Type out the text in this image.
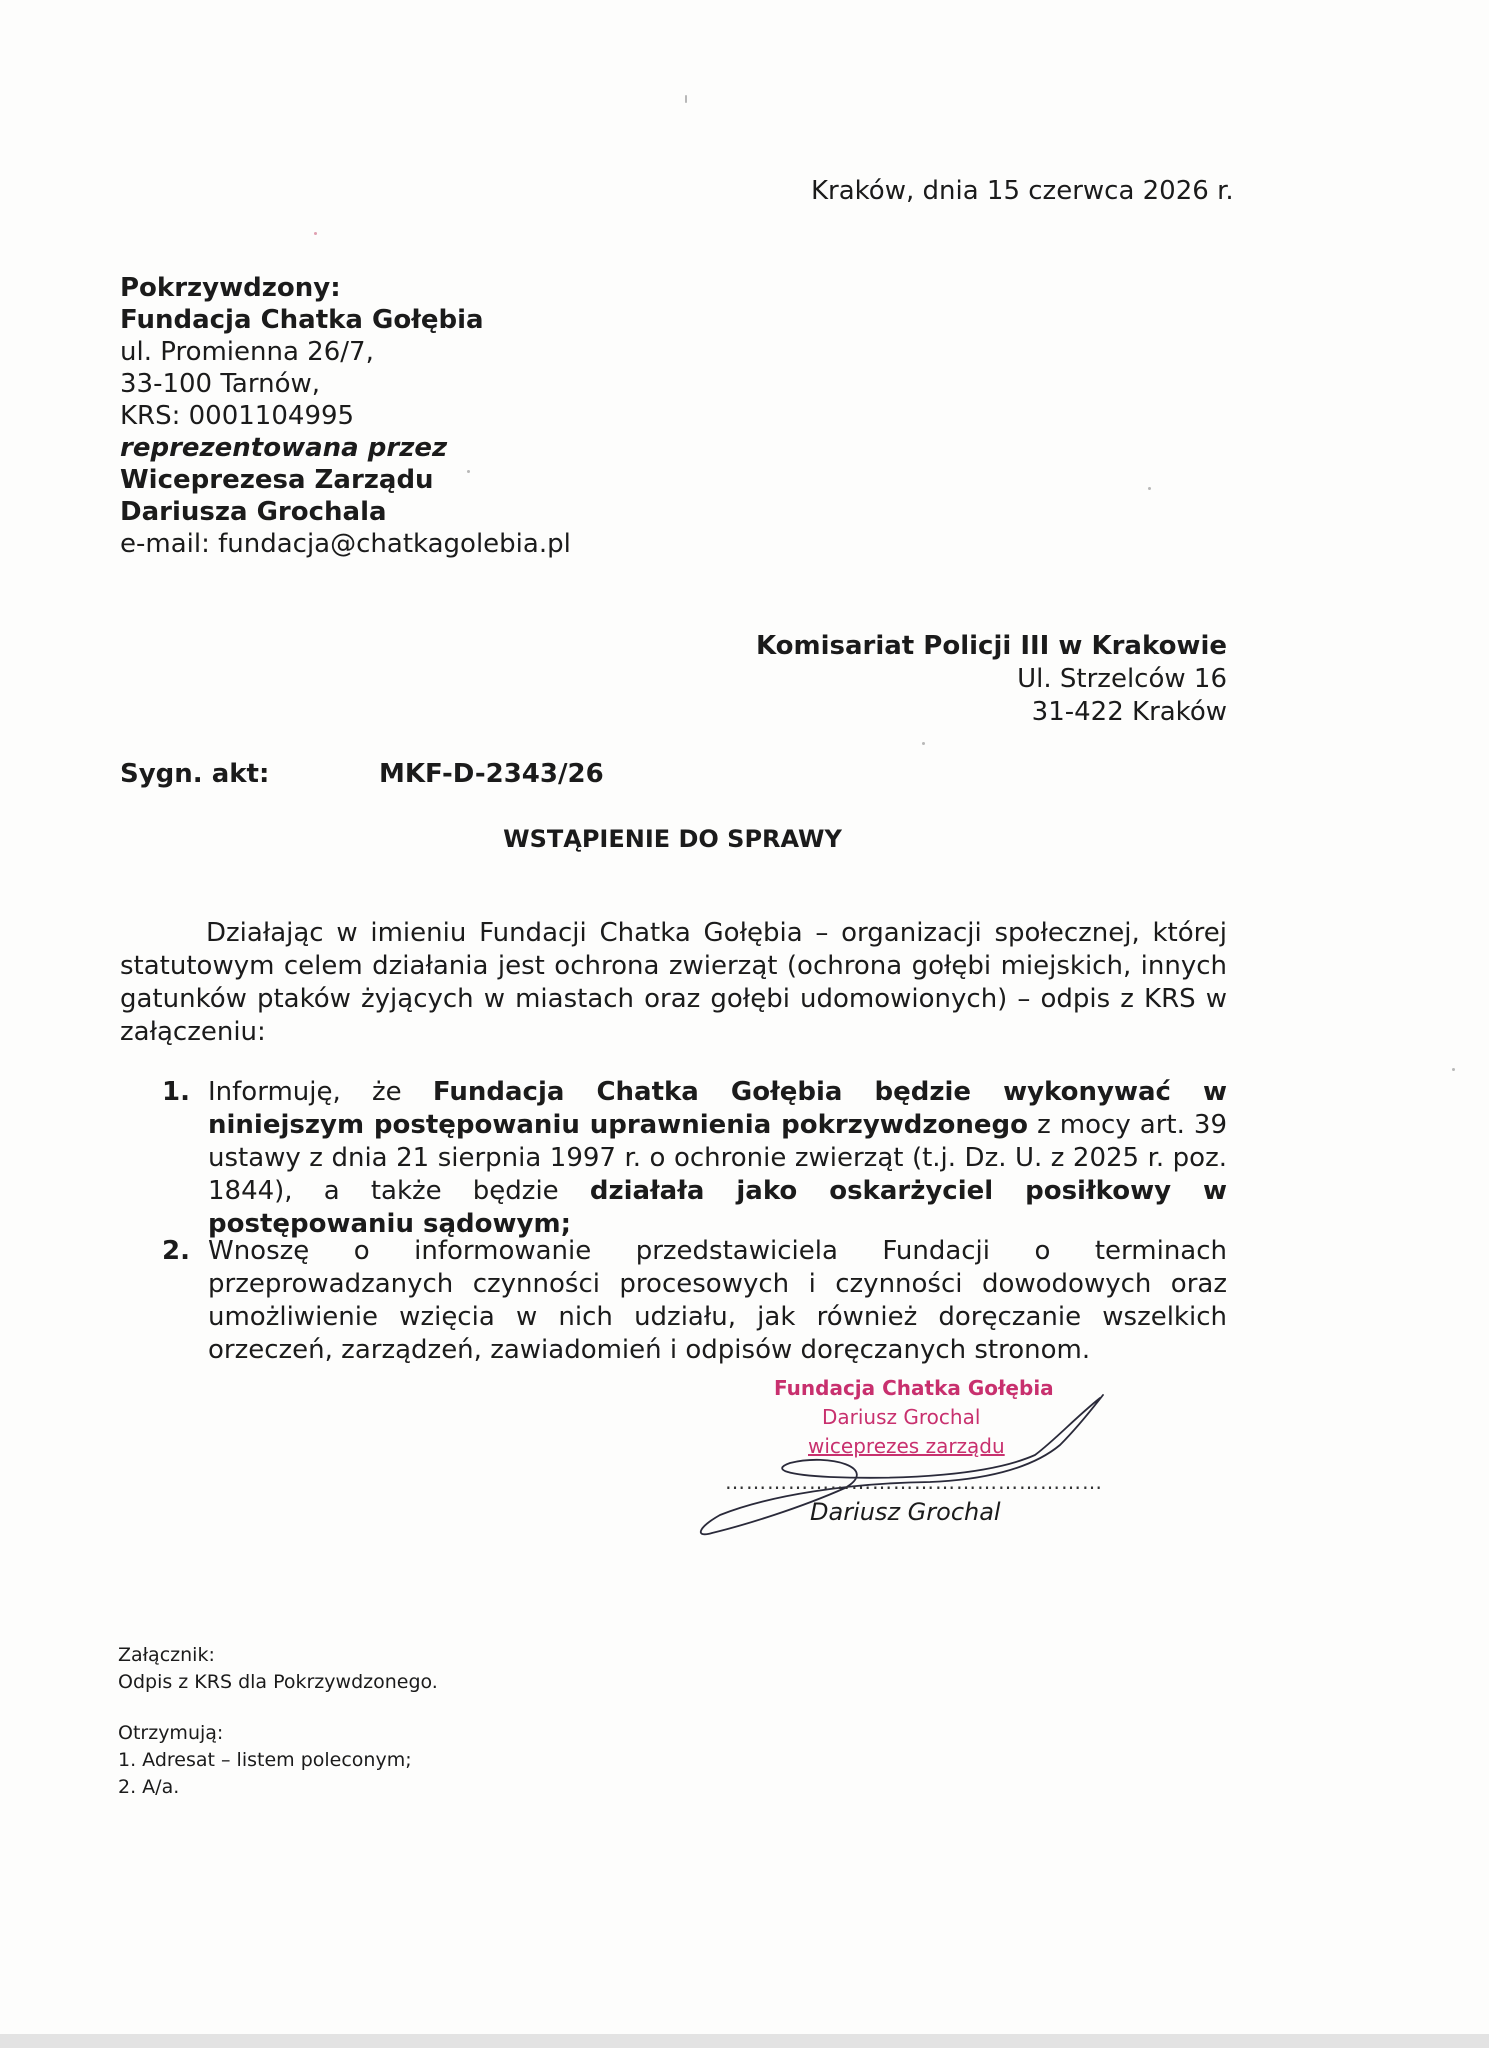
Kraków, dnia 15 czerwca 2026 r.
Pokrzywdzony:
Fundacja Chatka Gołębia
ul. Promienna 26/7,
33-100 Tarnów,
KRS: 0001104995
reprezentowana przez
Wiceprezesa Zarządu
Dariusza Grochala
e-mail: fundacja@chatkagolebia.pl
Komisariat Policji III w Krakowie
Ul. Strzelców 16
31-422 Kraków
Sygn. akt:	MKF-D-2343/26
WSTĄPIENIE DO SPRAWY
Działając w imieniu Fundacji Chatka Gołębia – organizacji społecznej, której statutowym celem działania jest ochrona zwierząt (ochrona gołębi miejskich, innych gatunków ptaków żyjących w miastach oraz gołębi udomowionych) – odpis z KRS w załączeniu:
1. Informuję, że Fundacja Chatka Gołębia będzie wykonywać w niniejszym postępowaniu uprawnienia pokrzywdzonego z mocy art. 39 ustawy z dnia 21 sierpnia 1997 r. o ochronie zwierząt (t.j. Dz. U. z 2025 r. poz. 1844), a także będzie działała jako oskarżyciel posiłkowy w postępowaniu sądowym;
2. Wnoszę o informowanie przedstawiciela Fundacji o terminach przeprowadzanych czynności procesowych i czynności dowodowych oraz umożliwienie wzięcia w nich udziału, jak również doręczanie wszelkich orzeczeń, zarządzeń, zawiadomień i odpisów doręczanych stronom.
Fundacja Chatka Gołębia
Dariusz Grochal
wiceprezes zarządu
………………………………………………
Dariusz Grochal
Załącznik:
Odpis z KRS dla Pokrzywdzonego.
Otrzymują:
1. Adresat – listem poleconym;
2. A/a.
